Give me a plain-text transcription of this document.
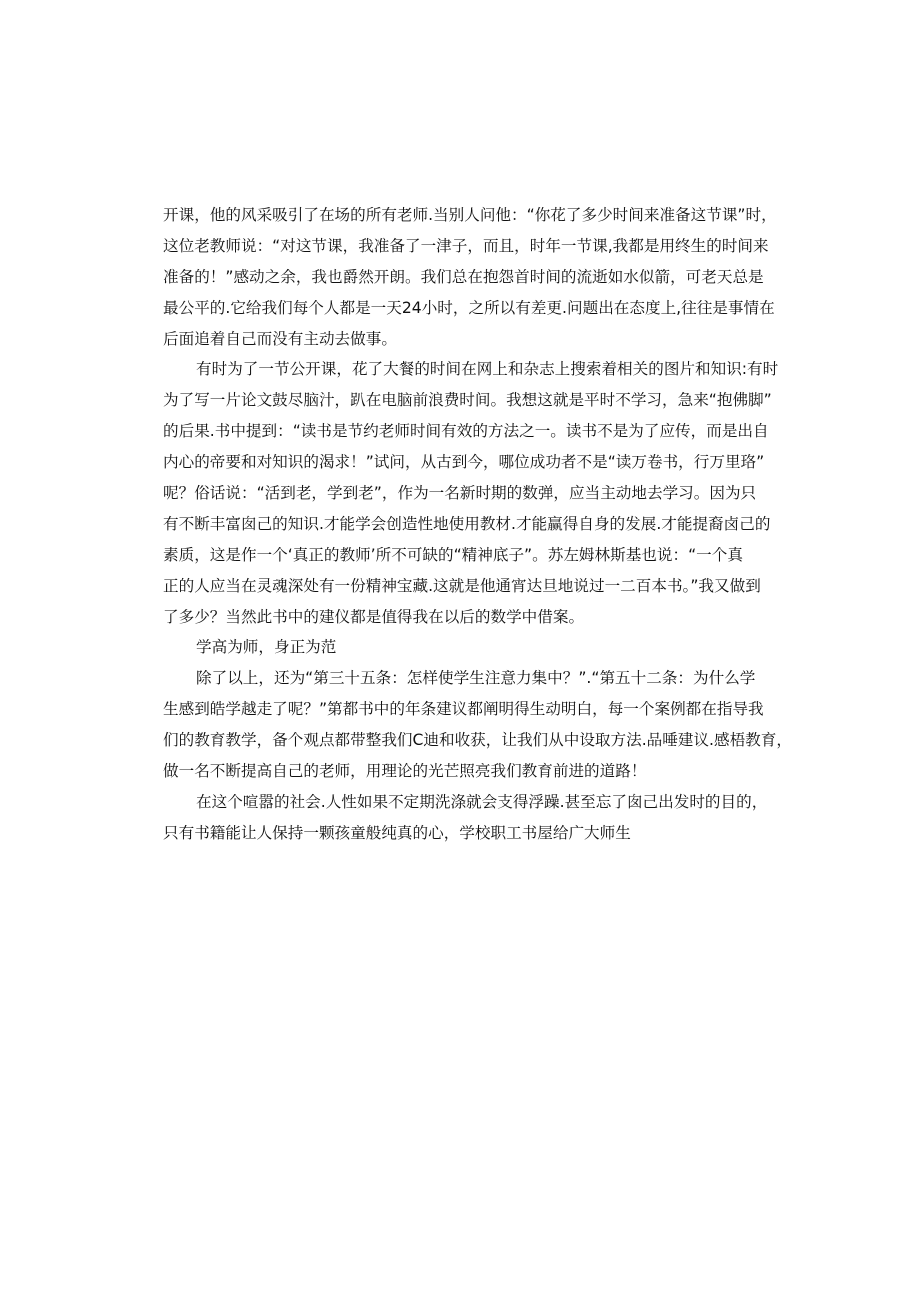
开课，他的风采吸引了在场的所有老师.当别人问他：“你花了多少时间来准备这节课”时，
这位老教师说：“对这节课，我准备了一津子，而且，时年一节课,我都是用终生的时间来
准备的！”感动之余，我也爵然开朗。我们总在抱怨首时间的流逝如水似箭，可老天总是
最公平的.它给我们每个人都是一天24小时，之所以有差更.问题出在态度上,往往是事情在
后面追着自己而没有主动去做事。
有时为了一节公开课，花了大餐的时间在网上和杂志上搜索着相关的图片和知识:有时
为了写一片论文鼓尽脑汁，趴在电脑前浪费时间。我想这就是平时不学习，急来“抱佛脚”
的后果.书中提到：“读书是节约老师时间有效的方法之一。读书不是为了应传，而是出自
内心的帝要和对知识的渴求！”试问，从古到今，哪位成功者不是“读万卷书，行万里珞”
呢？俗话说：“活到老，学到老”，作为一名新时期的数弹，应当主动地去学习。因为只
有不断丰富囱己的知识.才能学会创造性地使用教材.才能赢得自身的发展.才能提裔卤己的
素质，这是作一个‘真正的教师’所不可缺的“精神底子”。苏左姆林斯基也说：“一个真
正的人应当在灵魂深处有一份精神宝藏.这就是他通宵达旦地说过一二百本书。”我又做到
了多少？当然此书中的建仪都是值得我在以后的数学中借案。
学高为师，身正为范
除了以上，还为“第三十五条：怎样使学生注意力集中？”.“第五十二条：为什么学
生感到皓学越走了呢？”第都书中的年条建议都阐明得生动明白，每一个案例都在指导我
们的教育教学，备个观点都带整我们C迪和收获，让我们从中设取方法.品唾建议.感梧教育，
做一名不断提高自己的老师，用理论的光芒照亮我们教育前进的道路！
在这个喧嚣的社会.人性如果不定期洗涤就会支得浮躁.甚至忘了囱己出发时的目的，
只有书籍能让人保持一颗孩童般纯真的心，学校职工书屋给广大师生
